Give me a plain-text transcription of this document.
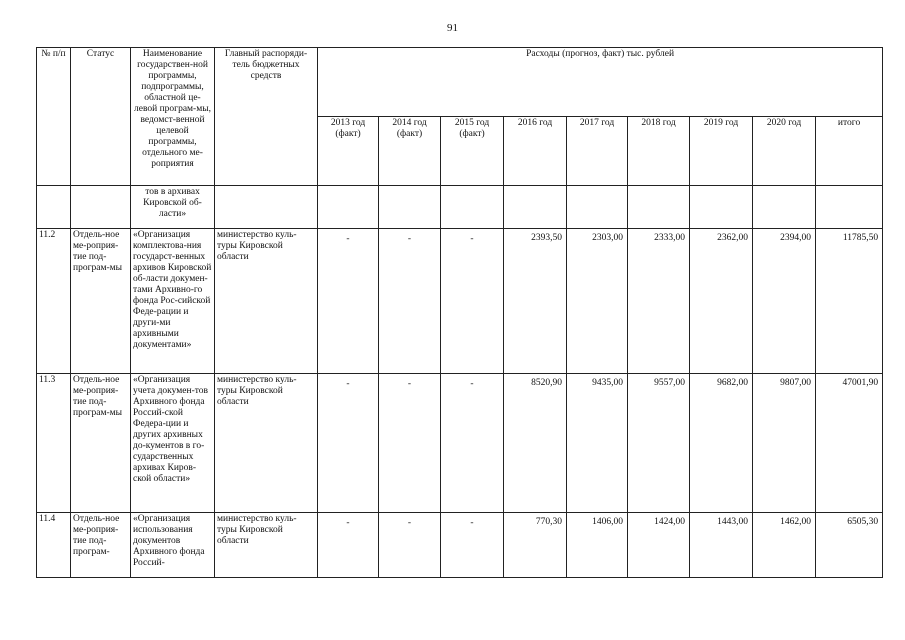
91
№ п/п	Статус	Наименование государствен-ной программы, подпрограммы, областной це-левой програм-мы, ведомст-венной целевой программы, отдельного ме-роприятия	Главный распоряди-тель бюджетных средств	Расходы (прогноз, факт) тыс. рублей								
				2013 год (факт)	2014 год (факт)	2015 год (факт)	2016 год	2017 год	2018 год	2019 год	2020 год	итого
		тов в архивах Кировской об-ласти»										
11.2	Отдель-ное ме-роприя-тие под-програм-мы	«Организация комплектова-ния государст-венных архивов Кировской об-ласти докумен-тами Архивно-го фонда Рос-сийской Феде-рации и други-ми архивными документами»	министерство куль-туры Кировской области	-	-	-	2393,50	2303,00	2333,00	2362,00	2394,00	11785,50
11.3	Отдель-ное ме-роприя-тие под-програм-мы	«Организация учета докумен-тов Архивного фонда Россий-ской Федера-ции и других архивных до-кументов в го-сударственных архивах Киров-ской области»	министерство куль-туры Кировской области	-	-	-	8520,90	9435,00	9557,00	9682,00	9807,00	47001,90
11.4	Отдель-ное ме-роприя-тие под-програм-	«Организация использования документов Архивного фонда Россий-	министерство куль-туры Кировской области	-	-	-	770,30	1406,00	1424,00	1443,00	1462,00	6505,30
